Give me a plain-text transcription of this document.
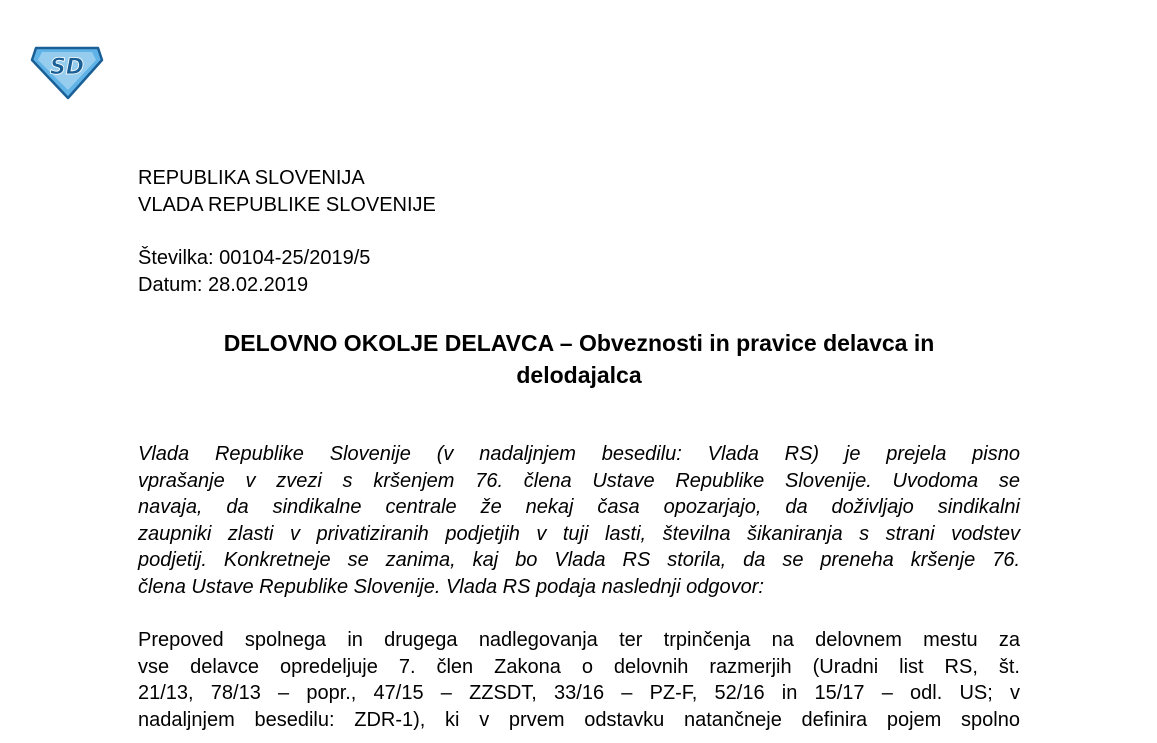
SD
REPUBLIKA SLOVENIJA
VLADA REPUBLIKE SLOVENIJE
Številka: 00104-25/2019/5
Datum: 28.02.2019
DELOVNO OKOLJE DELAVCA – Obveznosti in pravice delavca in
delodajalca
Vlada Republike Slovenije (v nadaljnjem besedilu: Vlada RS) je prejela pisno
vprašanje v zvezi s kršenjem 76. člena Ustave Republike Slovenije. Uvodoma se
navaja, da sindikalne centrale že nekaj časa opozarjajo, da doživljajo sindikalni
zaupniki zlasti v privatiziranih podjetjih v tuji lasti, številna šikaniranja s strani vodstev
podjetij. Konkretneje se zanima, kaj bo Vlada RS storila, da se preneha kršenje 76.
člena Ustave Republike Slovenije. Vlada RS podaja naslednji odgovor:
Prepoved spolnega in drugega nadlegovanja ter trpinčenja na delovnem mestu za
vse delavce opredeljuje 7. člen Zakona o delovnih razmerjih (Uradni list RS, št.
21/13, 78/13 – popr., 47/15 – ZZSDT, 33/16 – PZ-F, 52/16 in 15/17 – odl. US; v
nadaljnjem besedilu: ZDR-1), ki v prvem odstavku natančneje definira pojem spolno
